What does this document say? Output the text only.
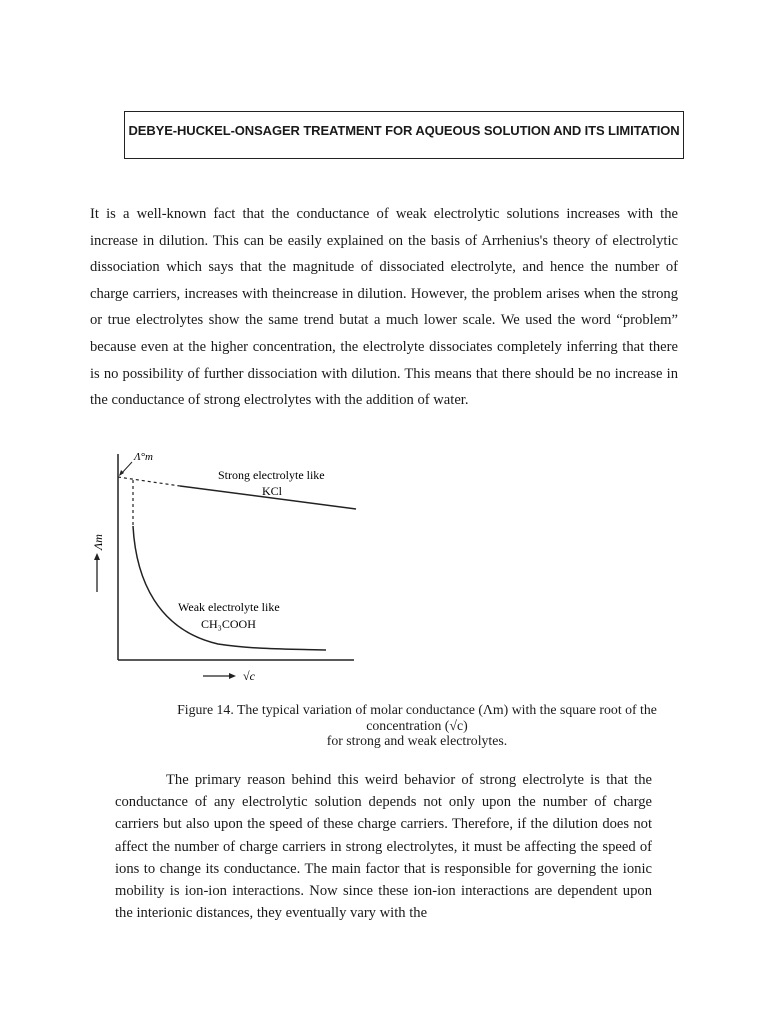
DEBYE-HUCKEL-ONSAGER TREATMENT FOR AQUEOUS SOLUTION AND ITS LIMITATION

It is a well-known fact that the conductance of weak electrolytic solutions increases with the increase in dilution. This can be easily explained on the basis of Arrhenius's theory of electrolytic dissociation which says that the magnitude of dissociated electrolyte, and hence the number of charge carriers, increases with theincrease in dilution. However, the problem arises when the strong or true electrolytes show the same trend butat a much lower scale. We used the word “problem” because even at the higher concentration, the electrolyte dissociates completely inferring that there is no possibility of further dissociation with dilution. This means that there should be no increase in the conductance of strong electrolytes with the addition of water.

Λ°m
Strong electrolyte like
KCl
Weak electrolyte like
CH₃COOH
Λm
√c
Figure 14. The typical variation of molar conductance (Λm) with the square root of the
concentration (√c)
for strong and weak electrolytes.

The primary reason behind this weird behavior of strong electrolyte is that the conductance of any electrolytic solution depends not only upon the number of charge carriers but also upon the speed of these charge carriers. Therefore, if the dilution does not affect the number of charge carriers in strong electrolytes, it must be affecting the speed of ions to change its conductance. The main factor that is responsible for governing the ionic mobility is ion-ion interactions. Now since these ion-ion interactions are dependent upon the interionic distances, they eventually vary with the
